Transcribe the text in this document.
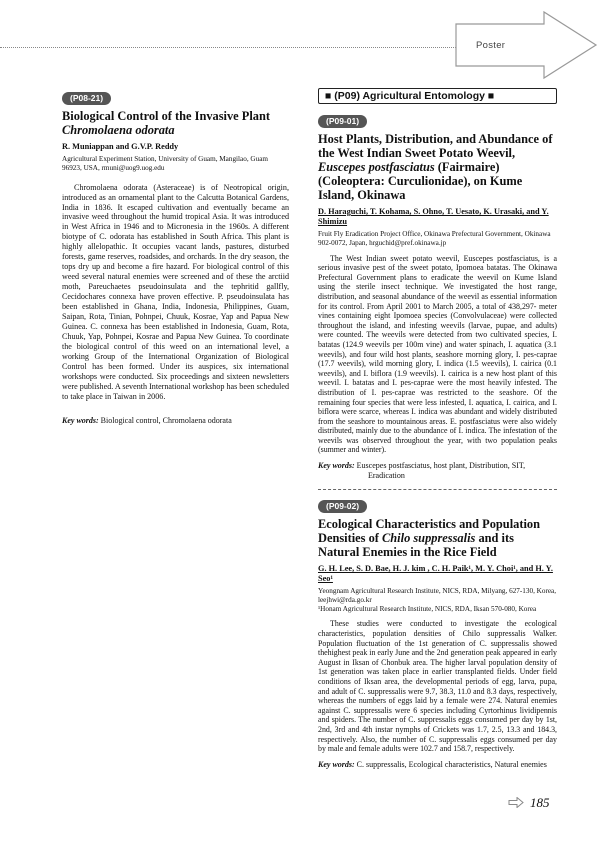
Poster
(P08-21)
Biological Control of the Invasive Plant
Chromolaena odorata
R. Muniappan and G.V.P. Reddy
Agricultural Experiment Station, University of Guam, Mangilao, Guam 96923, USA, rmuni@uog9.uog.edu
Chromolaena odorata (Asteraceae) is of Neotropical origin, introduced as an ornamental plant to the Calcutta Botanical Gardens, India in 1836. It escaped cultivation and eventually became an invasive weed throughout the humid tropical Asia. It was introduced in West Africa in 1946 and to Micronesia in the 1960s. A different biotype of C. odorata has established in South Africa. This plant is highly allelopathic. It occupies vacant lands, pastures, disturbed forests, game reserves, roadsides, and orchards. In the dry season, the tops dry up and become a fire hazard. For biological control of this weed several natural enemies were screened and of these the arctiid moth, Pareuchaetes pseudoinsulata and the tephritid gallfly, Cecidochares connexa have proven effective. P. pseudoinsulata has been established in Ghana, India, Indonesia, Philippines, Guam, Saipan, Rota, Tinian, Pohnpei, Chuuk, Kosrae, Yap and Papua New Guinea. C. connexa has been established in Indonesia, Guam, Rota, Chuuk, Yap, Pohnpei, Kosrae and Papua New Guinea. To coordinate the biological control of this weed on an international level, a working Group of the International Organization of Biological Control has been formed. Under its auspices, six international workshops were conducted. Six proceedings and sixteen newsletters were published. A seventh International workshop has been scheduled to take place in Taiwan in 2006.
Key words: Biological control, Chromolaena odorata
■ (P09) Agricultural Entomology ■
(P09-01)
Host Plants, Distribution, and Abundance of the West Indian Sweet Potato Weevil, Euscepes postfasciatus (Fairmaire) (Coleoptera: Curculionidae), on Kume Island, Okinawa
D. Haraguchi, T. Kohama, S. Ohno, T. Uesato, K. Urasaki, and Y. Shimizu
Fruit Fly Eradication Project Office, Okinawa Prefectural Government, Okinawa 902-0072, Japan, hrguchid@pref.okinawa.jp
The West Indian sweet potato weevil, Euscepes postfasciatus, is a serious invasive pest of the sweet potato, Ipomoea batatas. The Okinawa Prefectural Government plans to eradicate the weevil on Kume Island using the sterile insect technique. We investigated the host range, distribution, and seasonal abundance of the weevil as essential information for its control. From April 2001 to March 2005, a total of 438,297- meter vines containing eight Ipomoea species (Convolvulaceae) were collected throughout the island, and infesting weevils (larvae, pupae, and adults) were counted. The weevils were detected from two cultivated species, I. batatas (124.9 weevils per 100m vine) and water spinach, I. aquatica (3.1 weevils), and four wild host plants, seashore morning glory, I. pes-caprae (17.7 weevils), wild morning glory, I. indica (1.5 weevils), I. cairica (0.1 weevils), and I. biflora (1.9 weevils). I. cairica is a new host plant of this weevil. I. batatas and I. pes-caprae were the most heavily infested. The distribution of I. pes-caprae was restricted to the seashore. Of the remaining four species that were less infested, I. aquatica, I. cairica, and I. biflora were scarce, whereas I. indica was abundant and widely distributed from the seashore to mountainous areas. E. postfasciatus were also widely distributed, mainly due to the abundance of I. indica. The infestation of the weevils was observed throughout the year, with two population peaks (summer and winter).
Key words: Euscepes postfasciatus, host plant, Distribution, SIT, Eradication
(P09-02)
Ecological Characteristics and Population Densities of Chilo suppressalis and its Natural Enemies in the Rice Field
G. H. Lee, S. D. Bae, H. J. kim , C. H. Paik¹, M. Y. Choi¹, and H. Y. Seo¹
Yeongnam Agricultural Research Institute, NICS, RDA, Milyang, 627-130, Korea, leejhwi@rda.go.kr
¹Honam Agricultural Research Institute, NICS, RDA, Iksan 570-080, Korea
These studies were conducted to investigate the ecological characteristics, population densities of Chilo suppressalis Walker. Population fluctuation of the 1st generation of C. suppressalis showed thehighest peak in early June and the 2nd generation peak appeared in early August in Iksan of Chonbuk area. The higher larval population density of 1st generation was taken place in earlier transplanted fields. Under field conditions of Iksan area, the developmental periods of egg, larva, pupa, and adult of C. suppressalis were 9.7, 38.3, 11.0 and 8.3 days, respectively, whereas the numbers of eggs laid by a female were 274. Natural enemies against C. suppressalis were 6 species including Cyrtorhinus lividipennis and spiders. The number of C. suppressalis eggs consumed per day by 1st, 2nd, 3rd and 4th instar nymphs of Crickets was 1.7, 2.5, 13.3 and 184.3, respectively. Also, the number of C. suppressalis eggs consumed per day by male and female adults were 102.7 and 158.7, respectively.
Key words: C. suppressalis, Ecological characteristics, Natural enemies
185
